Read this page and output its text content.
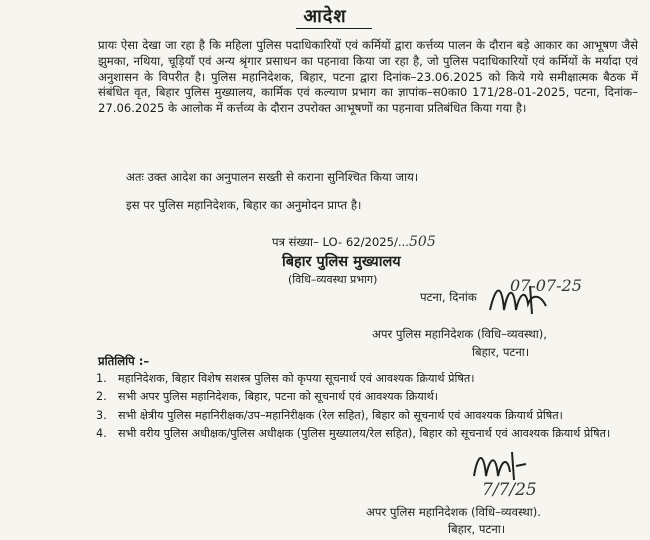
आदेश
प्रायः ऐसा देखा जा रहा है कि महिला पुलिस पदाधिकारियों एवं कर्मियों द्वारा कर्त्तव्य पालन के दौरान बड़े आकार का आभूषण जैसे झुमका, नथिया, चूड़ियाँ एवं अन्य श्रृंगार प्रसाधन का पहनावा किया जा रहा है, जो पुलिस पदाधिकारियों एवं कर्मियों के मर्यादा एवं अनुशासन के विपरीत है। पुलिस महानिदेशक, बिहार, पटना द्वारा दिनांक–23.06.2025 को किये गये समीक्षात्मक बैठक में संबंधित वृत, बिहार पुलिस मुख्यालय, कार्मिक एवं कल्याण प्रभाग का ज्ञापांक–स0का0 171/28-01-2025, पटना, दिनांक–27.06.2025 के आलोक में कर्त्तव्य के दौरान उपरोक्त आभूषणों का पहनावा प्रतिबंधित किया गया है।
अतः उक्त आदेश का अनुपालन सख्ती से कराना सुनिश्चित किया जाय।
इस पर पुलिस महानिदेशक, बिहार का अनुमोदन प्राप्त है।
पत्र संख्या– LO- 62/2025/...505
बिहार पुलिस मुख्यालय
(विधि–व्यवस्था प्रभाग)
पटना, दिनांक
07-07-25
अपर पुलिस महानिदेशक (विधि–व्यवस्था),
बिहार, पटना।
प्रतिलिपि :–
1. महानिदेशक, बिहार विशेष सशस्त्र पुलिस को कृपया सूचनार्थ एवं आवश्यक क्रियार्थ प्रेषित।
2. सभी अपर पुलिस महानिदेशक, बिहार, पटना को सूचनार्थ एवं आवश्यक क्रियार्थ।
3. सभी क्षेत्रीय पुलिस महानिरीक्षक/उप–महानिरीक्षक (रेल सहित), बिहार को सूचनार्थ एवं आवश्यक क्रियार्थ प्रेषित।
4. सभी वरीय पुलिस अधीक्षक/पुलिस अधीक्षक (पुलिस मुख्यालय/रेल सहित), बिहार को सूचनार्थ एवं आवश्यक क्रियार्थ प्रेषित।
7/7/25
अपर पुलिस महानिदेशक (विधि–व्यवस्था).
बिहार, पटना।
